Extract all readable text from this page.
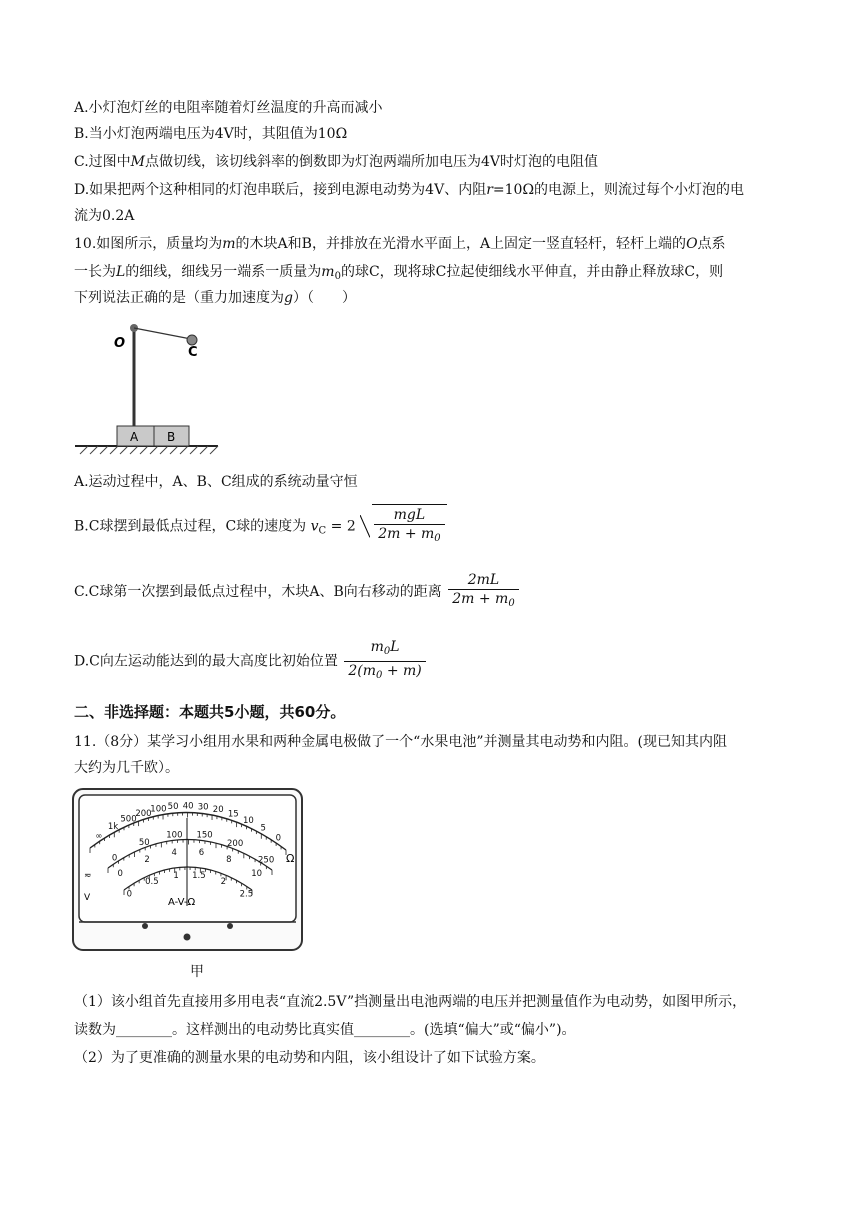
A.小灯泡灯丝的电阻率随着灯丝温度的升高而减小
B.当小灯泡两端电压为4V时，其阻值为10Ω
C.过图中M点做切线，该切线斜率的倒数即为灯泡两端所加电压为4V时灯泡的电阻值
D.如果把两个这种相同的灯泡串联后，接到电源电动势为4V、内阻r=10Ω的电源上，则流过每个小灯泡的电
流为0.2A
10.如图所示，质量均为m的木块A和B，并排放在光滑水平面上，A上固定一竖直轻杆，轻杆上端的O点系
一长为L的细线，细线另一端系一质量为$m_0$的球C，现将球C拉起使细线水平伸直，并由静止释放球C，则
下列说法正确的是（重力加速度为g）（　　）
A B
O
C
A.运动过程中，A、B、C组成的系统动量守恒
B.C球摆到最低点过程，C球的速度为 $v_C = 2 \frac{\text{mgL}}{2m + m_0}$
C.C球第一次摆到最低点过程中，木块A、B向右移动的距离 $\frac{2mL}{2m + m_0}$
D.C向左运动能达到的最大高度比初始位置 $\frac{m_0L}{2(m_0 + m)}$
二、非选择题：本题共5小题，共60分。
11.（8分）某学习小组用水果和两种金属电极做了一个“水果电池”并测量其电动势和内阻。(现已知其内阻
大约为几千欧）。
∞
1k
500
200
100 50 40 30 20 15
10
5
0
0
50
100 150
200
250
0
2
4	6
8
10
0
0.5
1 1.5
2
2.5
Ω
A-V-Ω
≂
V
甲
（1）该小组首先直接用多用电表“直流2.5V”挡测量出电池两端的电压并把测量值作为电动势，如图甲所示，
读数为________。这样测出的电动势比真实值________。(选填“偏大”或“偏小”)。
（2）为了更准确的测量水果的电动势和内阻，该小组设计了如下试验方案。
